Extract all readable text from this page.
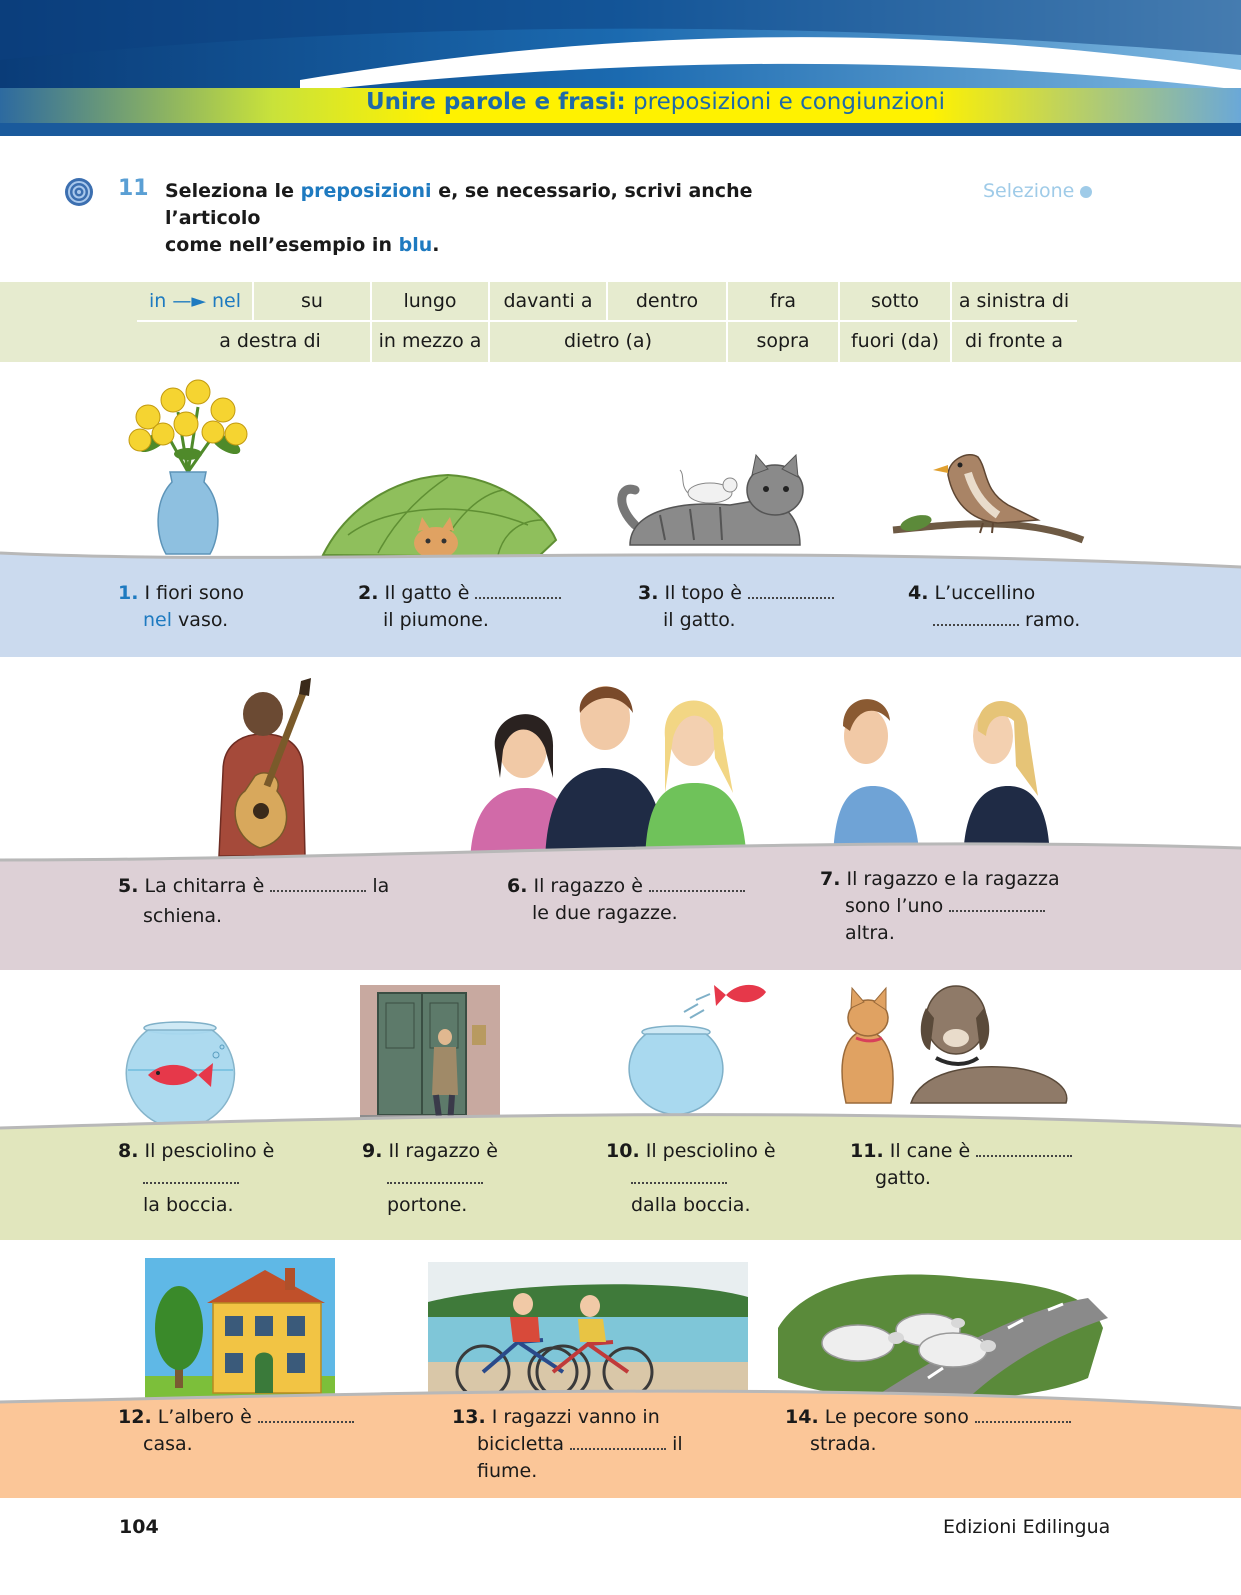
Unire parole e frasi: preposizioni e congiunzioni
11 Seleziona le preposizioni e, se necessario, scrivi anche l’articolo
come nell’esempio in blu.
Selezione
in —► nel	su	lungo	davanti a	dentro	fra	sotto	a sinistra di
a destra di	in mezzo a	dietro (a)	sopra	fuori (da)	di fronte a
1. I fiori sono
nel vaso.
2. Il gatto è
il piumone.
3. Il topo è
il gatto.
4. L’uccellino
ramo.
5. La chitarra è	la

schiena.
6. Il ragazzo è
le due ragazze.
7. Il ragazzo e la ragazza
sono l’uno
altra.
8. Il pesciolino è

la boccia.
9. Il ragazzo è

portone.
10. Il pesciolino è

dalla boccia.
11. Il cane è
gatto.
12. L’albero è
casa.
13. I ragazzi vanno in
bicicletta	il
fiume.
14. Le pecore sono
strada.
104	Edizioni Edilingua
